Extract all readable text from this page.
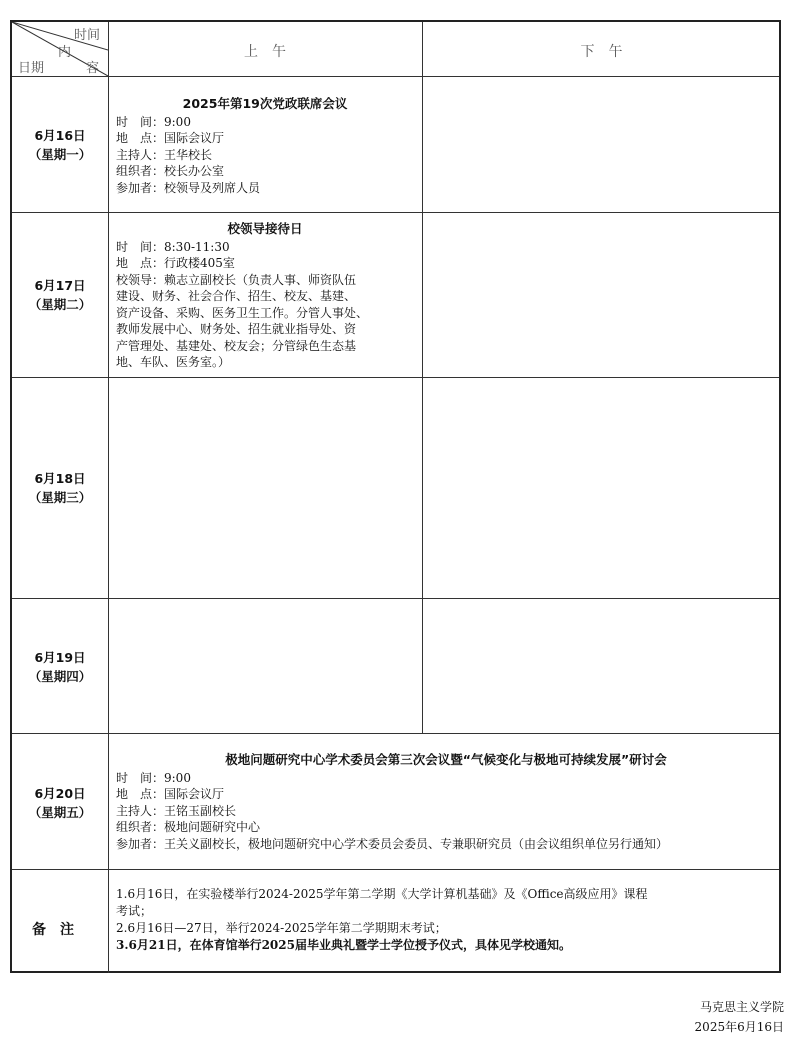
时间
内
容
日期
上　午	下　午
6月16日
（星期一）
6月17日
（星期二）
6月18日
（星期三）
6月19日
（星期四）
6月20日
（星期五）
2025年第19次党政联席会议
时　间：9:00
地　点：国际会议厅
主持人：王华校长
组织者：校长办公室
参加者：校领导及列席人员
校领导接待日
时　间：8:30-11:30
地　点：行政楼405室
校领导：赖志立副校长（负责人事、师资队伍
建设、财务、社会合作、招生、校友、基建、
资产设备、采购、医务卫生工作。分管人事处、
教师发展中心、财务处、招生就业指导处、资
产管理处、基建处、校友会；分管绿色生态基
地、车队、医务室。）
极地问题研究中心学术委员会第三次会议暨“气候变化与极地可持续发展”研讨会
时　间：9:00
地　点：国际会议厅
主持人：王铭玉副校长
组织者：极地问题研究中心
参加者：王关义副校长，极地问题研究中心学术委员会委员、专兼职研究员（由会议组织单位另行通知）
备注
1.6月16日，在实验楼举行2024-2025学年第二学期《大学计算机基础》及《Office高级应用》课程
考试；
2.6月16日—27日，举行2024-2025学年第二学期期末考试；
3.6月21日，在体育馆举行2025届毕业典礼暨学士学位授予仪式，具体见学校通知。
马克思主义学院
2025年6月16日
